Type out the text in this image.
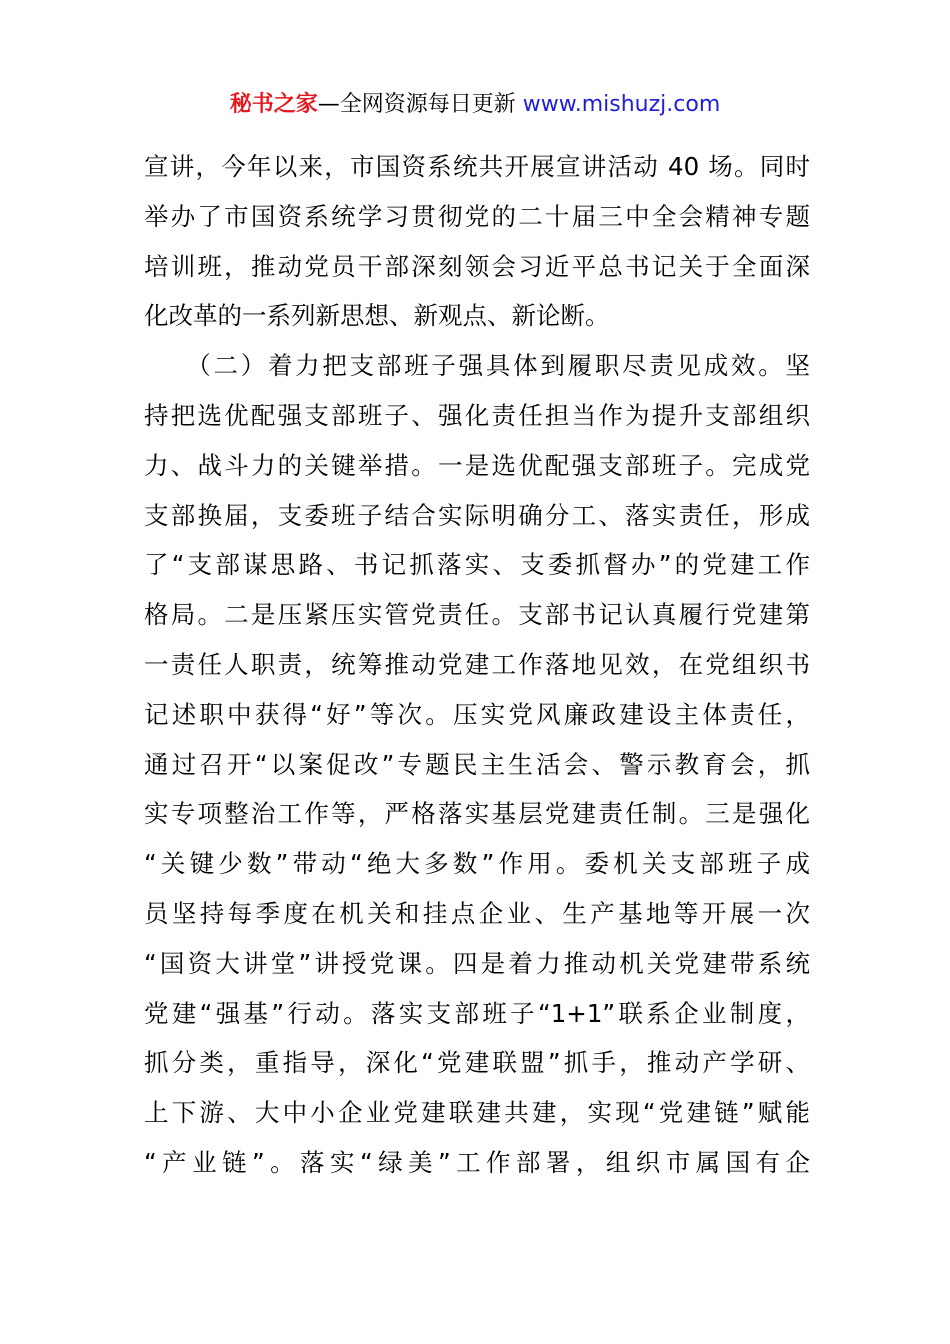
秘书之家—全网资源每日更新 www.mishuzj.com
宣讲，今年以来，市国资系统共开展宣讲活动 40 场。同时
举办了市国资系统学习贯彻党的二十届三中全会精神专题
培训班，推动党员干部深刻领会习近平总书记关于全面深
化改革的一系列新思想、新观点、新论断。
　　（二）着力把支部班子强具体到履职尽责见成效。坚
持把选优配强支部班子、强化责任担当作为提升支部组织
力、战斗力的关键举措。一是选优配强支部班子。完成党
支部换届，支委班子结合实际明确分工、落实责任，形成
了“支部谋思路、书记抓落实、支委抓督办”的党建工作
格局。二是压紧压实管党责任。支部书记认真履行党建第
一责任人职责，统筹推动党建工作落地见效，在党组织书
记述职中获得“好”等次。压实党风廉政建设主体责任，
通过召开“以案促改”专题民主生活会、警示教育会，抓
实专项整治工作等，严格落实基层党建责任制。三是强化
“关键少数”带动“绝大多数”作用。委机关支部班子成
员坚持每季度在机关和挂点企业、生产基地等开展一次
“国资大讲堂”讲授党课。四是着力推动机关党建带系统
党建“强基”行动。落实支部班子“1+1”联系企业制度，
抓分类，重指导，深化“党建联盟”抓手，推动产学研、
上下游、大中小企业党建联建共建，实现“党建链”赋能
“产业链”。落实“绿美”工作部署，组织市属国有企
